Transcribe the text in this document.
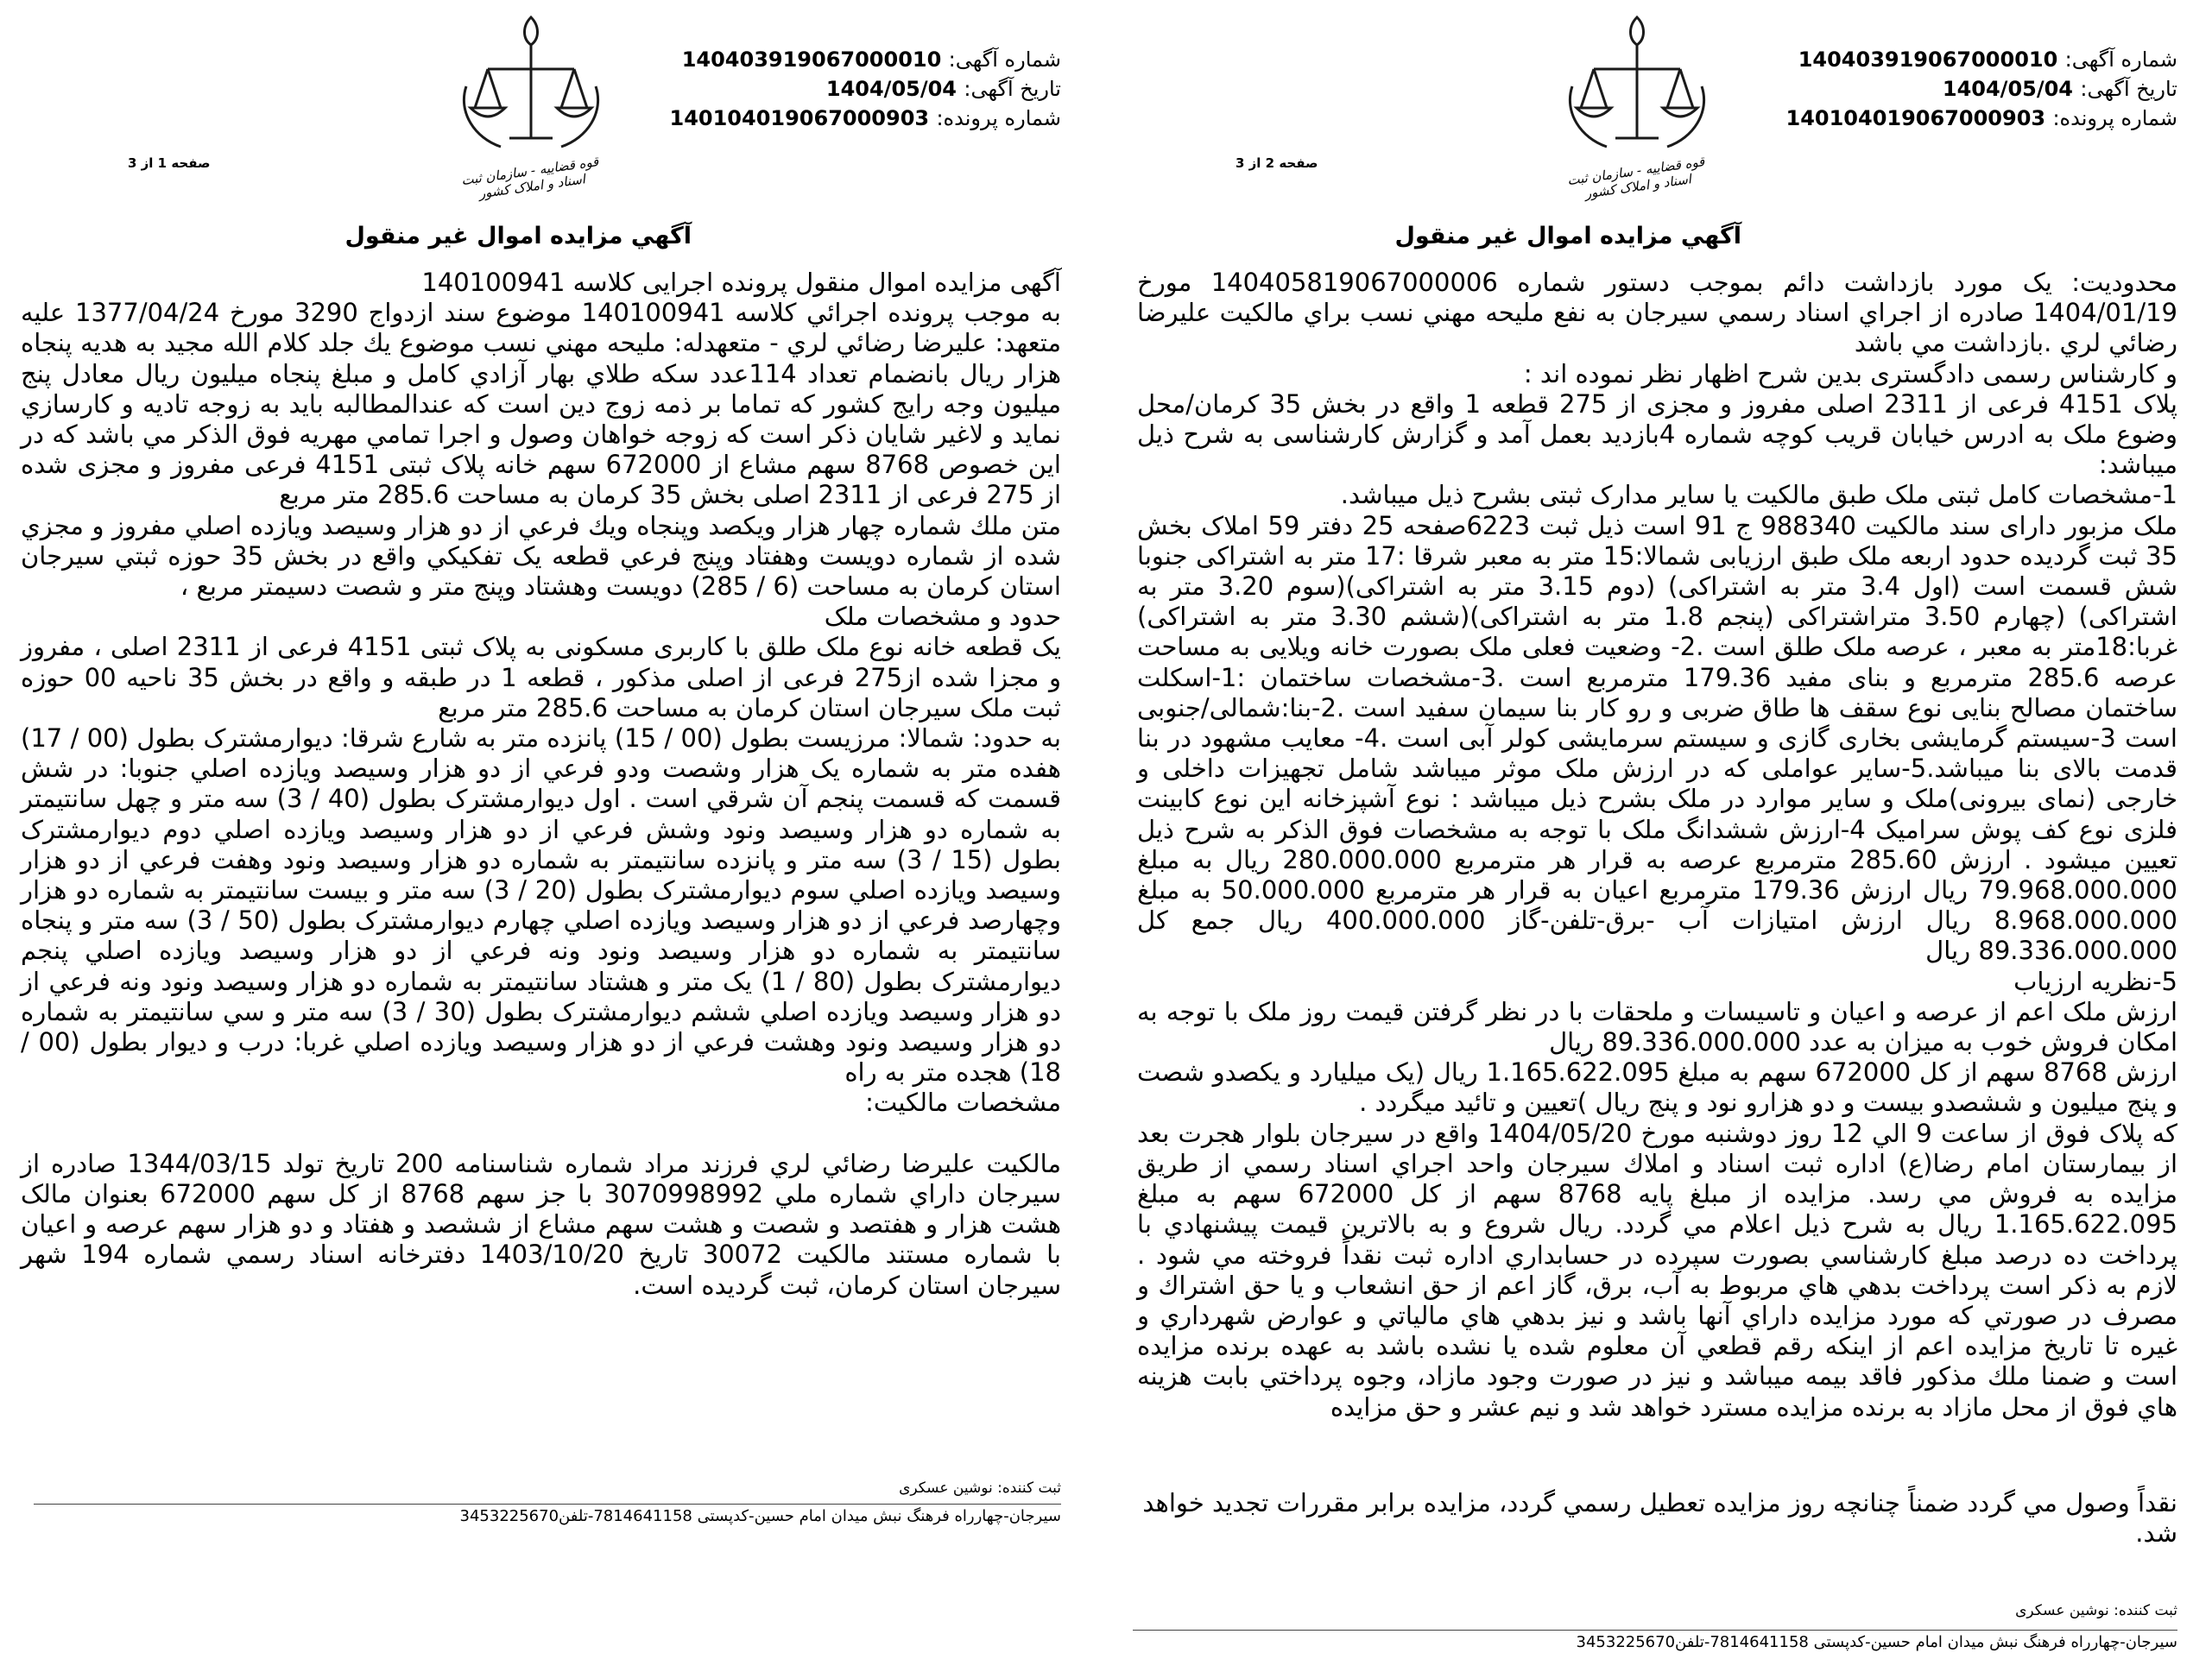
شماره آگهی: 140403919067000010
تاریخ آگهی: 1404/05/04
شماره پرونده: 140104019067000903
قوه قضاییه - سازمان ثبت اسناد و املاک کشور
صفحه 2 از 3
آگهي مزايده اموال غير منقول

محدودیت: یک مورد بازداشت دائم بموجب دستور شماره 140405819067000006 مورخ 1404/01/19 صادره از اجراي اسناد رسمي سيرجان به نفع مليحه مهني نسب براي مالكيت عليرضا رضائي لري .بازداشت مي باشد

و کارشناس رسمی دادگستری بدین شرح اظهار نظر نموده اند :

پلاک 4151 فرعی از 2311 اصلی مفروز و مجزی از 275 قطعه 1 واقع در بخش 35 کرمان/محل وضوع ملک به ادرس خیابان قریب کوچه شماره 4بازدید بعمل آمد و گزارش کارشناسی به شرح ذیل میباشد:

1-مشخصات کامل ثبتی ملک طبق مالکیت یا سایر مدارک ثبتی بشرح ذیل میباشد.

ملک مزبور دارای سند مالکیت 988340 ج 91 است ذیل ثبت 6223صفحه 25 دفتر 59 املاک بخش 35 ثبت گردیده حدود اربعه ملک طبق ارزیابی شمالا:15 متر به معبر شرقا :17 متر به اشتراکی جنوبا شش قسمت است (اول 3.4 متر به اشتراکی) (دوم 3.15 متر به اشتراکی)(سوم 3.20 متر به اشتراکی) (چهارم 3.50 متراشتراکی (پنجم 1.8 متر به اشتراکی)(ششم 3.30 متر به اشتراکی) غربا:18متر به معبر ، عرصه ملک طلق است .2- وضعیت فعلی ملک بصورت خانه ویلایی به مساحت عرصه 285.6 مترمربع و بنای مفید 179.36 مترمربع است .3-مشخصات ساختمان :1-اسکلت ساختمان مصالح بنایی نوع سقف ها طاق ضربی و رو کار بنا سیمان سفید است .2-بنا:شمالی/جنوبی است 3-سیستم گرمایشی بخاری گازی و سیستم سرمایشی کولر آبی است .4- معایب مشهود در بنا قدمت بالای بنا میباشد.5-سایر عواملی که در ارزش ملک موثر میباشد شامل تجهیزات داخلی و خارجی (نمای بیرونی)ملک و سایر موارد در ملک بشرح ذیل میباشد : نوع آشپزخانه این نوع کابینت فلزی نوع کف پوش سرامیک 4-ارزش ششدانگ ملک با توجه به مشخصات فوق الذکر به شرح ذیل تعیین میشود . ارزش 285.60 مترمربع عرصه به قرار هر مترمربع 280.000.000 ریال به مبلغ 79.968.000.000 ریال ارزش 179.36 مترمربع اعیان به قرار هر مترمربع 50.000.000 به مبلغ 8.968.000.000 ریال ارزش امتیازات آب -برق-تلفن-گاز 400.000.000 ریال جمع کل 89.336.000.000 ریال

5-نظریه ارزیاب

ارزش ملک اعم از عرصه و اعیان و تاسیسات و ملحقات با در نظر گرفتن قیمت روز ملک با توجه به امکان فروش خوب به میزان به عدد 89.336.000.000 ریال

ارزش 8768 سهم از کل 672000 سهم به مبلغ 1.165.622.095 ریال (یک میلیارد و یکصدو شصت و پنج میلیون و ششصدو بیست و دو هزارو نود و پنج ریال )تعیین و تائید میگردد .

که پلاک فوق از ساعت 9 الي 12 روز دوشنبه مورخ 1404/05/20 واقع در سيرجان بلوار هجرت بعد از بيمارستان امام رضا(ع) اداره ثبت اسناد و املاك سيرجان واحد اجراي اسناد رسمي از طريق مزايده به فروش مي رسد. مزايده از مبلغ پايه 8768 سهم از كل 672000 سهم به مبلغ 1.165.622.095 ريال به شرح ذيل اعلام مي گردد. ريال شروع و به بالاترين قيمت پيشنهادي با پرداخت ده درصد مبلغ كارشناسي بصورت سپرده در حسابداري اداره ثبت نقداً فروخته مي شود . لازم به ذكر است پرداخت بدهي هاي مربوط به آب، برق، گاز اعم از حق انشعاب و يا حق اشتراك و مصرف در صورتي كه مورد مزايده داراي آنها باشد و نيز بدهي هاي مالياتي و عوارض شهرداري و غيره تا تاريخ مزايده اعم از اينكه رقم قطعي آن معلوم شده يا نشده باشد به عهده برنده مزايده است و ضمنا ملك مذكور فاقد بيمه ميباشد و نيز در صورت وجود مازاد، وجوه پرداختي بابت هزينه هاي فوق از محل مازاد به برنده مزايده مسترد خواهد شد و نيم عشر و حق مزايده

نقداً وصول مي گردد ضمناً چنانچه روز مزايده تعطيل رسمي گردد، مزايده برابر مقررات تجديد خواهد شد.
ثبت کننده: نوشین عسکری
سیرجان-چهارراه فرهنگ نبش میدان امام حسین-کدپستی 7814641158-تلفن3453225670
شماره آگهی: 140403919067000010
تاریخ آگهی: 1404/05/04
شماره پرونده: 140104019067000903
قوه قضاییه - سازمان ثبت اسناد و املاک کشور
صفحه 1 از 3
آگهي مزايده اموال غير منقول

آگهی مزایده اموال منقول پرونده اجرایی کلاسه 140100941

به موجب پرونده اجرائي كلاسه 140100941 موضوع سند ازدواج 3290 مورخ 1377/04/24 عليه متعهد: عليرضا رضائي لري - متعهدله: مليحه مهني نسب موضوع يك جلد كلام الله مجيد به هديه پنجاه هزار ريال بانضمام تعداد 114عدد سكه طلاي بهار آزادي كامل و مبلغ پنجاه ميليون ريال معادل پنج ميليون وجه رايج كشور كه تماما بر ذمه زوج دين است كه عندالمطالبه بايد به زوجه تاديه و كارسازي نمايد و لاغير شايان ذكر است كه زوجه خواهان وصول و اجرا تمامي مهريه فوق الذكر مي باشد كه در اين خصوص 8768 سهم مشاع از 672000 سهم خانه پلاک ثبتی 4151 فرعی مفروز و مجزی شده از 275 فرعی از 2311 اصلی بخش 35 کرمان به مساحت 285.6 متر مربع

متن ملك شماره چهار هزار ويكصد وپنجاه ويك فرعي از دو هزار وسيصد ويازده اصلي مفروز و مجزي شده از شماره دويست وهفتاد وپنج فرعي قطعه يک تفکيکي واقع در بخش 35 حوزه ثبتي سيرجان استان کرمان به مساحت (6 / 285) دويست وهشتاد وپنج متر و شصت دسيمتر مربع ،

حدود و مشخصات ملک

یک قطعه خانه نوع ملک طلق با کاربری مسکونی به پلاک ثبتی 4151 فرعی از 2311 اصلی ، مفروز و مجزا شده از275 فرعی از اصلی مذکور ، قطعه 1 در طبقه و واقع در بخش 35 ناحیه 00 حوزه ثبت ملک سیرجان استان کرمان به مساحت 285.6 متر مربع

به حدود: شمالا: مرزيست بطول (00 / 15) پانزده متر به شارع شرقا: ديوارمشترک بطول (00 / 17) هفده متر به شماره يک هزار وشصت ودو فرعي از دو هزار وسيصد ويازده اصلي جنوبا: در شش قسمت که قسمت پنجم آن شرقي است . اول ديوارمشترک بطول (40 / 3) سه متر و چهل سانتيمتر به شماره دو هزار وسيصد ونود وشش فرعي از دو هزار وسيصد ويازده اصلي دوم ديوارمشترک بطول (15 / 3) سه متر و پانزده سانتيمتر به شماره دو هزار وسيصد ونود وهفت فرعي از دو هزار وسيصد ويازده اصلي سوم ديوارمشترک بطول (20 / 3) سه متر و بيست سانتيمتر به شماره دو هزار وچهارصد فرعي از دو هزار وسيصد ويازده اصلي چهارم ديوارمشترک بطول (50 / 3) سه متر و پنجاه سانتيمتر به شماره دو هزار وسيصد ونود ونه فرعي از دو هزار وسيصد ويازده اصلي پنجم ديوارمشترک بطول (80 / 1) يک متر و هشتاد سانتيمتر به شماره دو هزار وسيصد ونود ونه فرعي از دو هزار وسيصد ويازده اصلي ششم ديوارمشترک بطول (30 / 3) سه متر و سي سانتيمتر به شماره دو هزار وسيصد ونود وهشت فرعي از دو هزار وسيصد ويازده اصلي غربا: درب و ديوار بطول (00 / 18) هجده متر به راه

مشخصات مالکیت:

مالكيت عليرضا رضائي لري فرزند مراد شماره شناسنامه 200 تاريخ تولد 1344/03/15 صادره از سيرجان داراي شماره ملي 3070998992 با جز سهم 8768 از كل سهم 672000 بعنوان مالک هشت هزار و هفتصد و شصت و هشت سهم مشاع از ششصد و هفتاد و دو هزار سهم عرصه و اعيان با شماره مستند مالکيت 30072 تاريخ 1403/10/20 دفترخانه اسناد رسمي شماره 194 شهر سيرجان استان كرمان، ثبت گرديده است.

ثبت کننده: نوشین عسکری
سیرجان-چهارراه فرهنگ نبش میدان امام حسین-کدپستی 7814641158-تلفن3453225670
